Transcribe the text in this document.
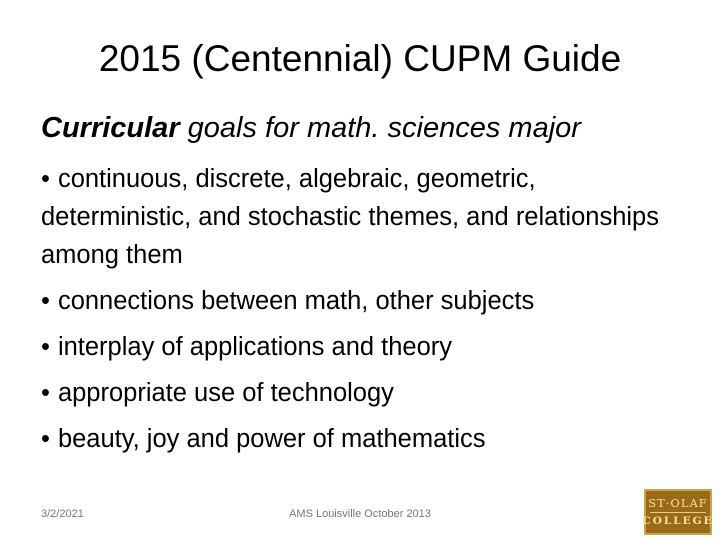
2015 (Centennial) CUPM Guide
Curricular goals for math. sciences major
• continuous, discrete, algebraic, geometric, deterministic, and stochastic themes, and relationships among them
• connections between math, other subjects
• interplay of applications and theory
• appropriate use of technology
• beauty, joy and power of mathematics
3/2/2021	AMS Louisville October 2013
ST·OLAF
COLLEGE
